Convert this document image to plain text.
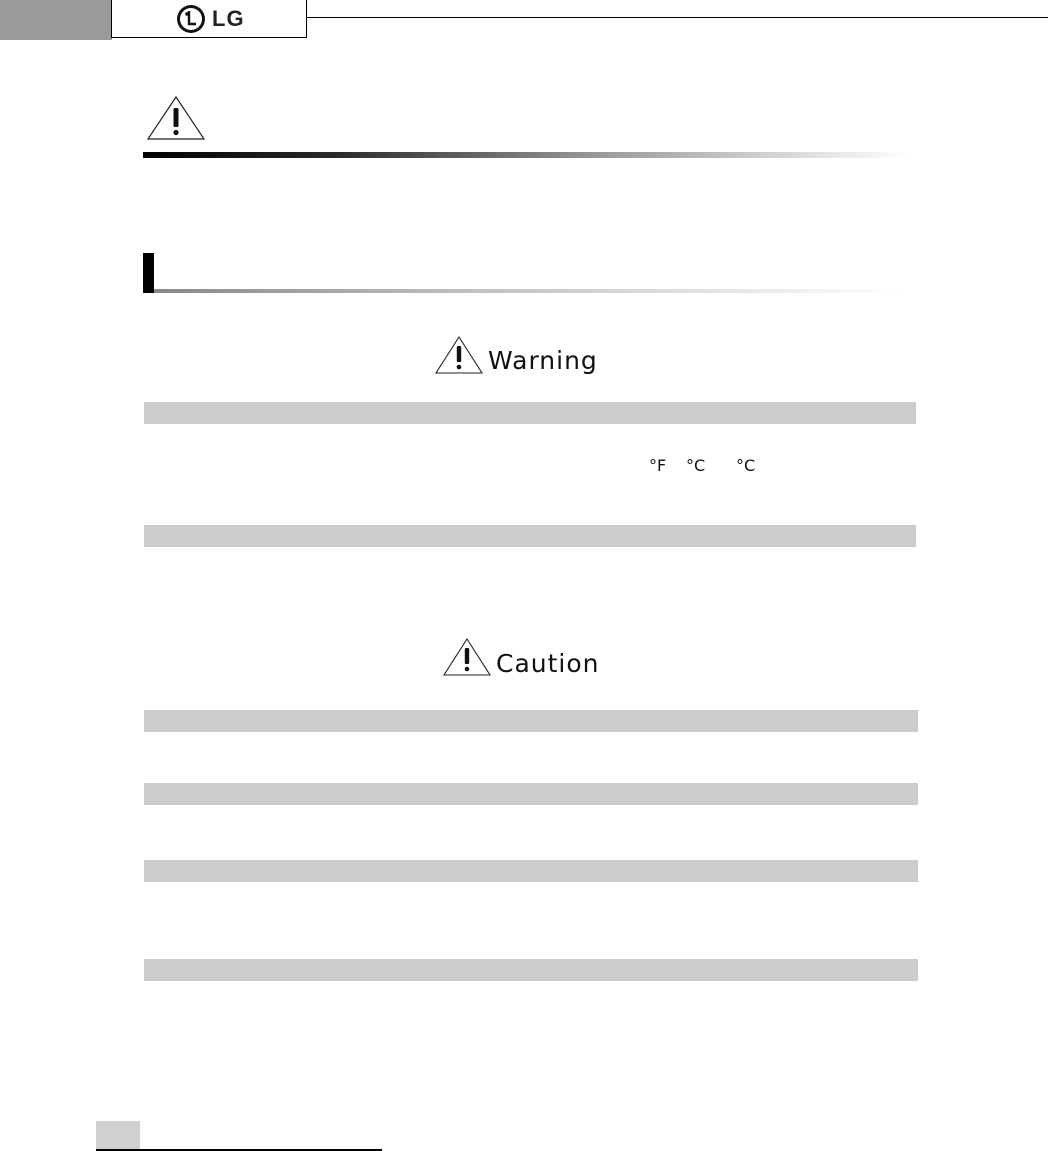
LG
Warning
°F °C °C
Caution
